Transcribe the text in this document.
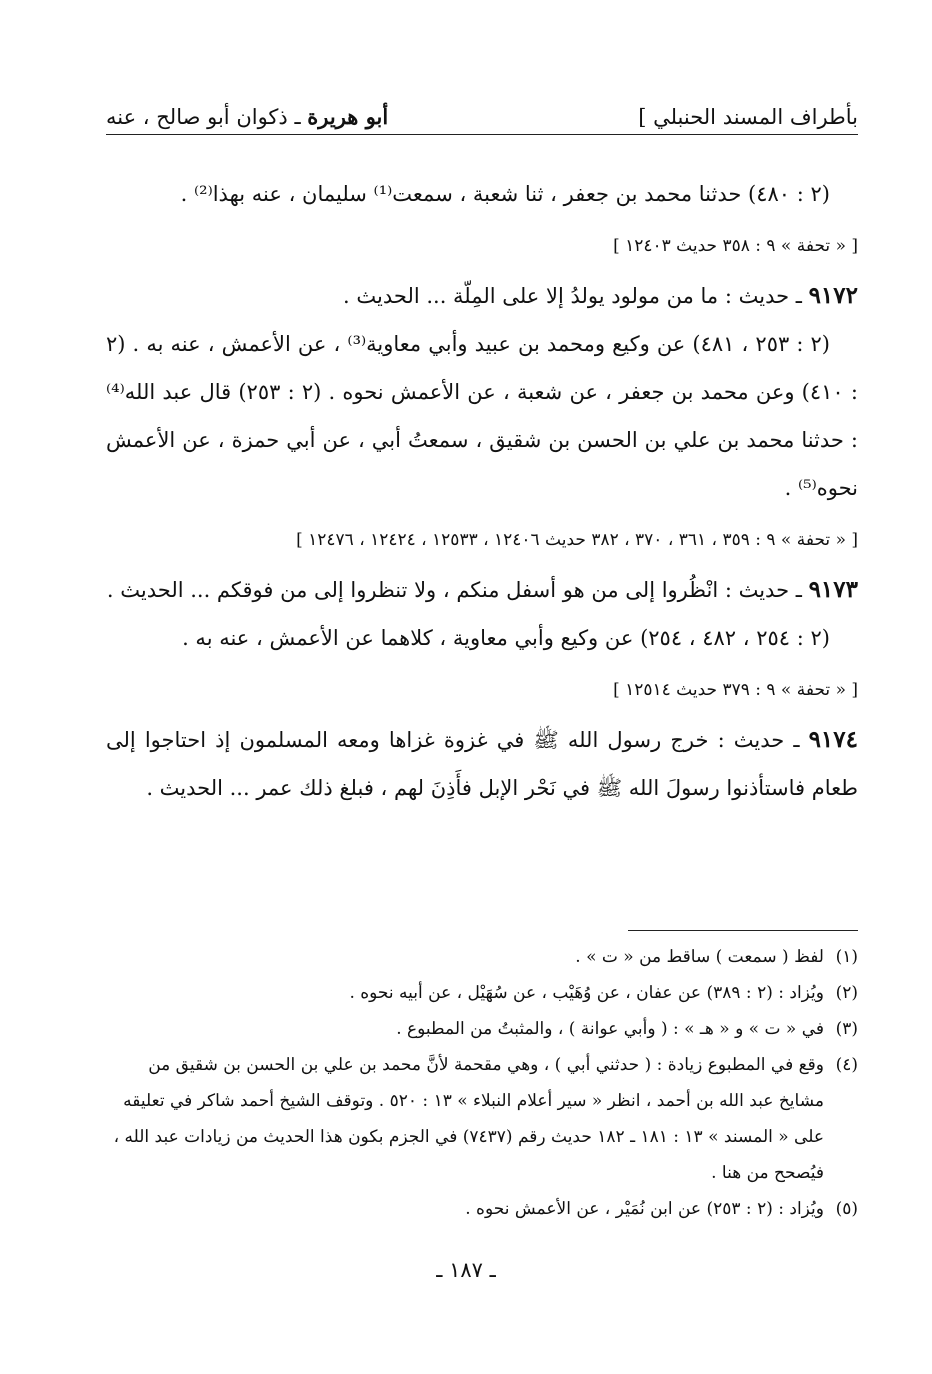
بأطراف المسند الحنبلي ]
أبو هريرة ـ ذكوان أبو صالح ، عنه

(٢ : ٤٨٠) حدثنا محمد بن جعفر ، ثنا شعبة ، سمعت⁽¹⁾ سليمان ، عنه بهذا⁽²⁾ .

[ « تحفة » ٩ : ٣٥٨ حديث ١٢٤٠٣ ]

٩١٧٢ ـ حديث : ما من مولود يولدُ إلا على المِلّة ... الحديث .

(٢ : ٢٥٣ ، ٤٨١) عن وكيع ومحمد بن عبيد وأبي معاوية⁽³⁾ ، عن الأعمش ، عنه به . (٢ : ٤١٠) وعن محمد بن جعفر ، عن شعبة ، عن الأعمش نحوه . (٢ : ٢٥٣) قال عبد الله⁽⁴⁾ : حدثنا محمد بن علي بن الحسن بن شقيق ، سمعتُ أبي ، عن أبي حمزة ، عن الأعمش نحوه⁽⁵⁾ .

[ « تحفة » ٩ : ٣٥٩ ، ٣٦١ ، ٣٧٠ ، ٣٨٢ حديث ١٢٤٠٦ ، ١٢٥٣٣ ، ١٢٤٢٤ ، ١٢٤٧٦ ]

٩١٧٣ ـ حديث : انْظُروا إلى من هو أسفل منكم ، ولا تنظروا إلى من فوقكم ... الحديث .

(٢ : ٢٥٤ ، ٤٨٢ ، ٢٥٤) عن وكيع وأبي معاوية ، كلاهما عن الأعمش ، عنه به .

[ « تحفة » ٩ : ٣٧٩ حديث ١٢٥١٤ ]

٩١٧٤ ـ حديث : خرج رسول الله ﷺ في غزوة غزاها ومعه المسلمون إذ احتاجوا إلى طعام فاستأذنوا رسولَ الله ﷺ في نَحْر الإبل فأَذِنَ لهم ، فبلغ ذلك عمر ... الحديث .

(١)
لفظ ( سمعت ) ساقط من « ت » .
(٢)
ويُزاد : (٢ : ٣٨٩) عن عفان ، عن وُهَيْب ، عن سُهَيْل ، عن أبيه نحوه .
(٣)
في « ت » و « هـ » : ( وأبي عوانة ) ، والمثبتُ من المطبوع .
(٤)
وقع في المطبوع زيادة : ( حدثني أبي ) ، وهي مقحمة لأنَّ محمد بن علي بن الحسن بن شقيق من مشايخ عبد الله بن أحمد ، انظر « سير أعلام النبلاء » ١٣ : ٥٢٠ . وتوقف الشيخ أحمد شاكر في تعليقه على « المسند » ١٣ : ١٨١ ـ ١٨٢ حديث رقم (٧٤٣٧) في الجزم بكون هذا الحديث من زيادات عبد الله ، فيُصحح من هنا .
(٥)
ويُزاد : (٢ : ٢٥٣) عن ابن نُمَيْر ، عن الأعمش نحوه .
ـ ١٨٧ ـ
